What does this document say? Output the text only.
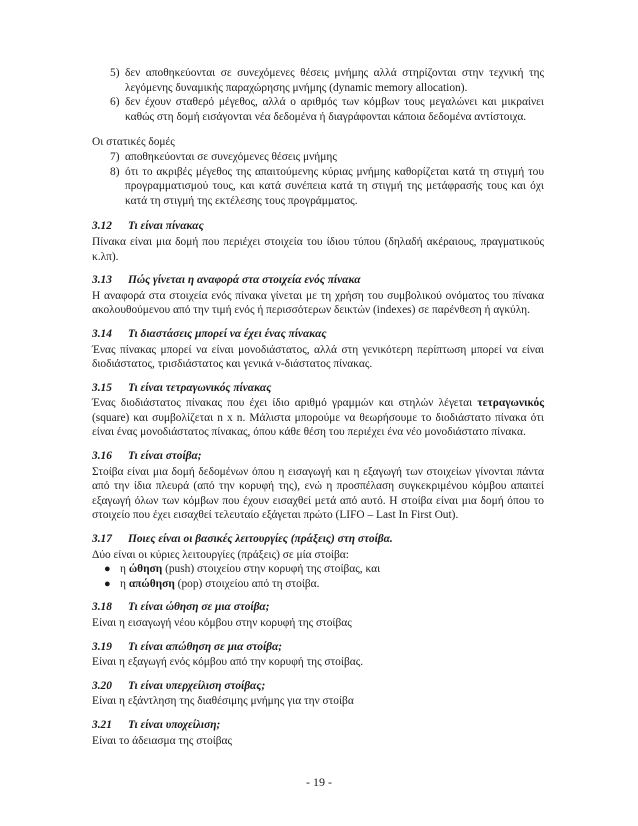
5) δεν αποθηκεύονται σε συνεχόμενες θέσεις μνήμης αλλά στηρίζονται στην τεχνική της λεγόμενης δυναμικής παραχώρησης μνήμης (dynamic memory allocation).
6) δεν έχουν σταθερό μέγεθος, αλλά ο αριθμός των κόμβων τους μεγαλώνει και μικραίνει καθώς στη δομή εισάγονται νέα δεδομένα ή διαγράφονται κάποια δεδομένα αντίστοιχα.
Οι στατικές δομές
7) αποθηκεύονται σε συνεχόμενες θέσεις μνήμης
8) ότι το ακριβές μέγεθος της απαιτούμενης κύριας μνήμης καθορίζεται κατά τη στιγμή του προγραμματισμού τους, και κατά συνέπεια κατά τη στιγμή της μετάφρασής τους και όχι κατά τη στιγμή της εκτέλεσης τους προγράμματος.
3.12 Τι είναι πίνακας
Πίνακα είναι μια δομή που περιέχει στοιχεία του ίδιου τύπου (δηλαδή ακέραιους, πραγματικούς κ.λπ).
3.13 Πώς γίνεται η αναφορά στα στοιχεία ενός πίνακα
Η αναφορά στα στοιχεία ενός πίνακα γίνεται με τη χρήση του συμβολικού ονόματος του πίνακα ακολουθούμενου από την τιμή ενός ή περισσότερων δεικτών (indexes) σε παρένθεση ή αγκύλη.
3.14 Τι διαστάσεις μπορεί να έχει ένας πίνακας
Ένας πίνακας μπορεί να είναι μονοδιάστατος, αλλά στη γενικότερη περίπτωση μπορεί να είναι διοδιάστατος, τρισδιάστατος και γενικά ν-διάστατος πίνακας.
3.15 Τι είναι τετραγωνικός πίνακας
Ένας διοδιάστατος πίνακας που έχει ίδιο αριθμό γραμμών και στηλών λέγεται τετραγωνικός (square) και συμβολίζεται n x n. Μάλιστα μπορούμε να θεωρήσουμε το διοδιάστατο πίνακα ότι είναι ένας μονοδιάστατος πίνακας, όπου κάθε θέση του περιέχει ένα νέο μονοδιάστατο πίνακα.
3.16 Τι είναι στοίβα;
Στοίβα είναι μια δομή δεδομένων όπου η εισαγωγή και η εξαγωγή των στοιχείων γίνονται πάντα από την ίδια πλευρά (από την κορυφή της), ενώ η προσπέλαση συγκεκριμένου κόμβου απαιτεί εξαγωγή όλων των κόμβων που έχουν εισαχθεί μετά από αυτό. Η στοίβα είναι μια δομή όπου το στοιχείο που έχει εισαχθεί τελευταίο εξάγεται πρώτο (LIFO – Last In First Out).
3.17 Ποιες είναι οι βασικές λειτουργίες (πράξεις) στη στοίβα.
Δύο είναι οι κύριες λειτουργίες (πράξεις) σε μία στοίβα:
● η ώθηση (push) στοιχείου στην κορυφή της στοίβας, και
● η απώθηση (pop) στοιχείου από τη στοίβα.
3.18 Τι είναι ώθηση σε μια στοίβα;
Είναι η εισαγωγή νέου κόμβου στην κορυφή της στοίβας
3.19 Τι είναι απώθηση σε μια στοίβα;
Είναι η εξαγωγή ενός κόμβου από την κορυφή της στοίβας.
3.20 Τι είναι υπερχείλιση στοίβας;
Είναι η εξάντληση της διαθέσιμης μνήμης για την στοίβα
3.21 Τι είναι υποχείλιση;
Είναι το άδειασμα της στοίβας
- 19 -
